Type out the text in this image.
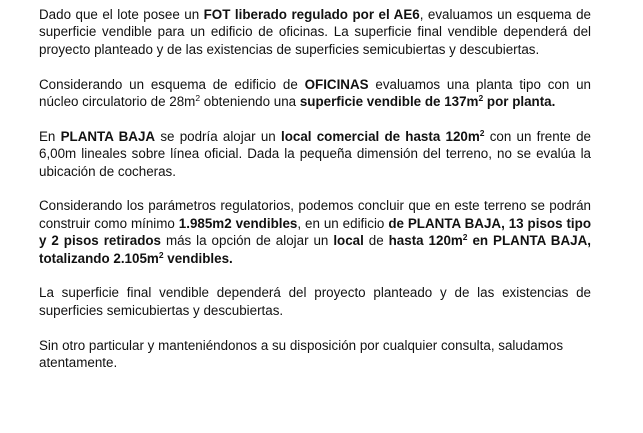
Dado que el lote posee un FOT liberado regulado por el AE6, evaluamos un esquema de superficie vendible para un edificio de oficinas. La superficie final vendible dependerá del proyecto planteado y de las existencias de superficies semicubiertas y descubiertas.

Considerando un esquema de edificio de OFICINAS evaluamos una planta tipo con un núcleo circulatorio de $28m^2$ obteniendo una superficie vendible de $137m^2$ por planta.

En PLANTA BAJA se podría alojar un local comercial de hasta $120m^2$ con un frente de 6,00m lineales sobre línea oficial. Dada la pequeña dimensión del terreno, no se evalúa la ubicación de cocheras.

Considerando los parámetros regulatorios, podemos concluir que en este terreno se podrán construir como mínimo 1.985m2 vendibles, en un edificio de PLANTA BAJA, 13 pisos tipo y 2 pisos retirados más la opción de alojar un local de hasta $120m^2$ en PLANTA BAJA, totalizando $2.105m^2$ vendibles.

La superficie final vendible dependerá del proyecto planteado y de las existencias de superficies semicubiertas y descubiertas.

Sin otro particular y manteniéndonos a su disposición por cualquier consulta, saludamos atentamente.
